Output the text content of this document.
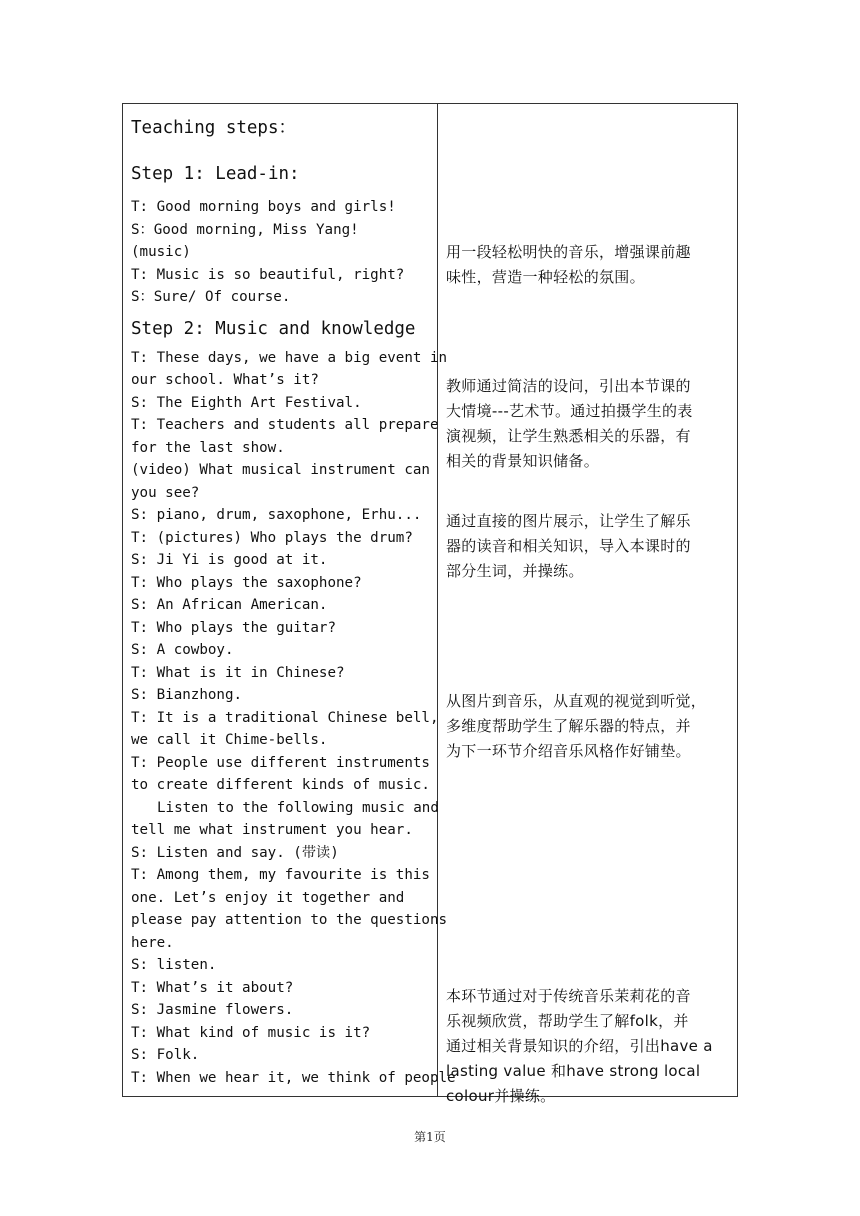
Teaching steps：
Step 1: Lead-in:
T: Good morning boys and girls!
S：Good morning, Miss Yang!
(music)
T: Music is so beautiful, right?
S：Sure/ Of course.
Step 2: Music and knowledge
T: These days, we have a big event in
our school. What’s it?
S: The Eighth Art Festival.
T: Teachers and students all prepare
for the last show.
(video) What musical instrument can
you see?
S: piano, drum, saxophone, Erhu...
T: (pictures) Who plays the drum?
S: Ji Yi is good at it.
T: Who plays the saxophone?
S: An African American.
T: Who plays the guitar?
S: A cowboy.
T: What is it in Chinese?
S: Bianzhong.
T: It is a traditional Chinese bell,
we call it Chime-bells.
T: People use different instruments
to create different kinds of music.
Listen to the following music and
tell me what instrument you hear.
S: Listen and say. (带读)
T: Among them, my favourite is this
one. Let’s enjoy it together and
please pay attention to the questions
here.
S: listen.
T: What’s it about?
S: Jasmine flowers.
T: What kind of music is it?
S: Folk.
T: When we hear it, we think of people
用一段轻松明快的音乐，增强课前趣
味性，营造一种轻松的氛围。
教师通过简洁的设问，引出本节课的
大情境---艺术节。通过拍摄学生的表
演视频，让学生熟悉相关的乐器，有
相关的背景知识储备。
通过直接的图片展示，让学生了解乐
器的读音和相关知识，导入本课时的
部分生词，并操练。
从图片到音乐，从直观的视觉到听觉，
多维度帮助学生了解乐器的特点，并
为下一环节介绍音乐风格作好铺垫。
本环节通过对于传统音乐茉莉花的音
乐视频欣赏，帮助学生了解folk，并
通过相关背景知识的介绍，引出have a
lasting value 和have strong local
colour并操练。
第1页
